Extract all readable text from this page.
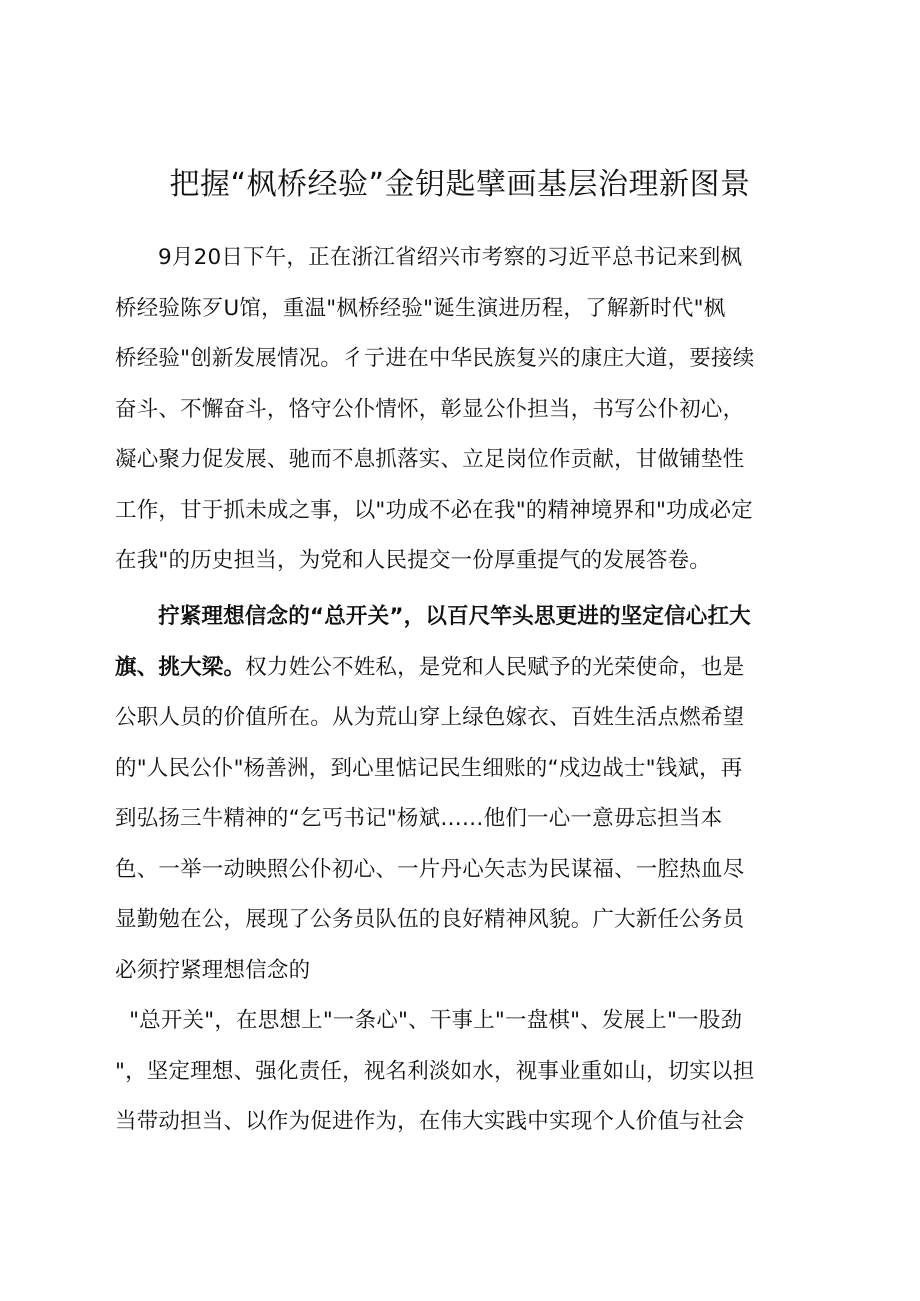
把握“枫桥经验”金钥匙擘画基层治理新图景

9月20日下午，正在浙江省绍兴市考察的习近平总书记来到枫
桥经验陈歹U馆，重温"枫桥经验"诞生演进历程，了解新时代"枫
桥经验"创新发展情况。彳亍进在中华民族复兴的康庄大道，要接续
奋斗、不懈奋斗，恪守公仆情怀，彰显公仆担当，书写公仆初心，
凝心聚力促发展、驰而不息抓落实、立足岗位作贡献，甘做铺垫性
工作，甘于抓未成之事，以"功成不必在我"的精神境界和"功成必定
在我"的历史担当，为党和人民提交一份厚重提气的发展答卷。

拧紧理想信念的“总开关”，以百尺竿头思更进的坚定信心扛大
旗、挑大梁。权力姓公不姓私，是党和人民赋予的光荣使命，也是
公职人员的价值所在。从为荒山穿上绿色嫁衣、百姓生活点燃希望
的"人民公仆"杨善洲，到心里惦记民生细账的“戍边战士"钱斌，再
到弘扬三牛精神的“乞丐书记"杨斌……他们一心一意毋忘担当本
色、一举一动映照公仆初心、一片丹心矢志为民谋福、一腔热血尽
显勤勉在公，展现了公务员队伍的良好精神风貌。广大新任公务员
必须拧紧理想信念的
"总开关"，在思想上"一条心"、干事上"一盘棋"、发展上"一股劲
"，坚定理想、强化责任，视名利淡如水，视事业重如山，切实以担
当带动担当、以作为促进作为，在伟大实践中实现个人价值与社会
